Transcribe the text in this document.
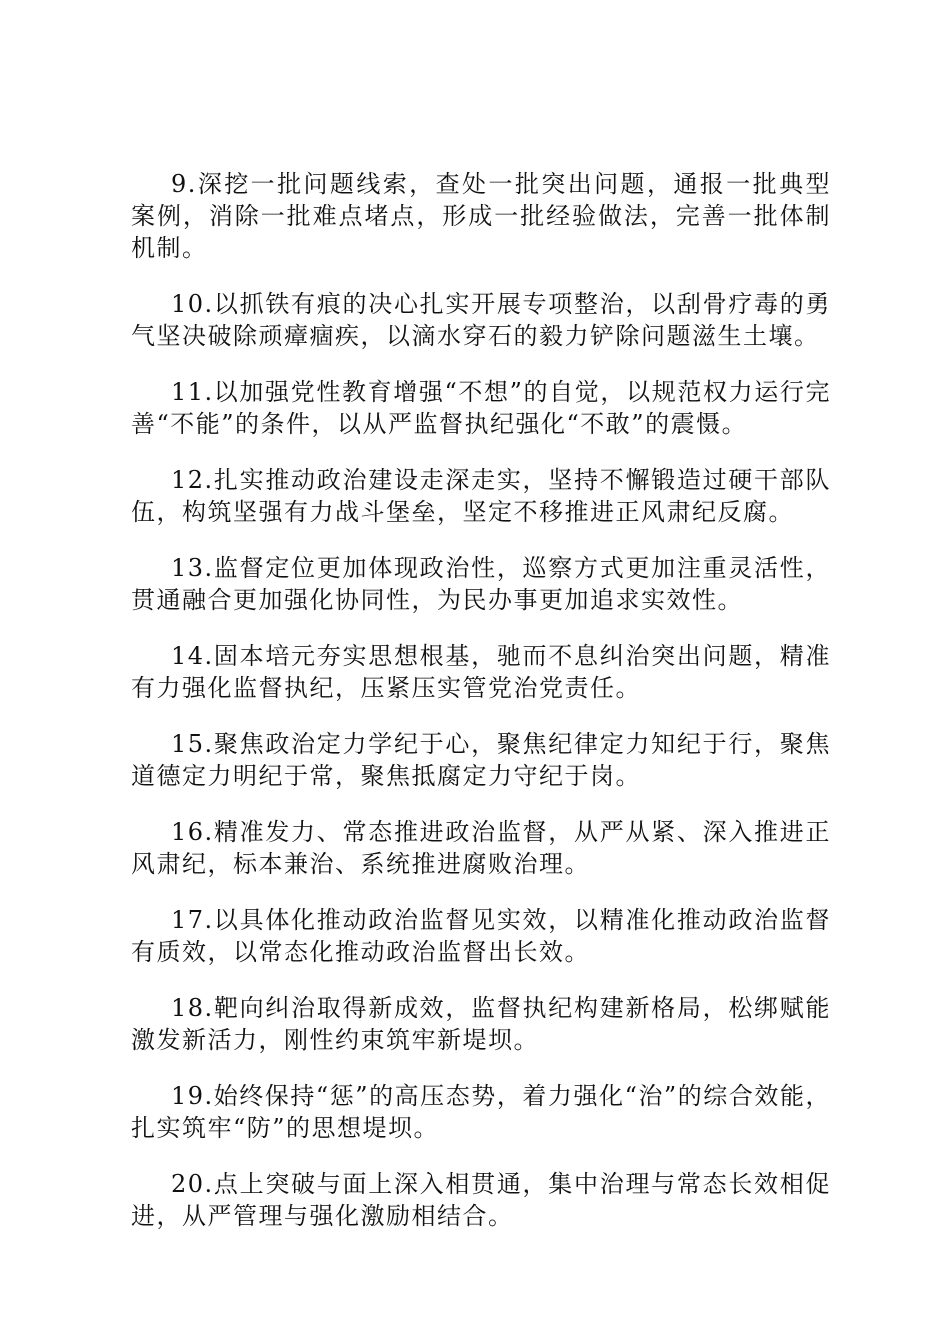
9.深挖一批问题线索，查处一批突出问题，通报一批典型案例，消除一批难点堵点，形成一批经验做法，完善一批体制机制。

10.以抓铁有痕的决心扎实开展专项整治，以刮骨疗毒的勇气坚决破除顽瘴痼疾，以滴水穿石的毅力铲除问题滋生土壤。

11.以加强党性教育增强“不想”的自觉，以规范权力运行完善“不能”的条件，以从严监督执纪强化“不敢”的震慑。

12.扎实推动政治建设走深走实，坚持不懈锻造过硬干部队伍，构筑坚强有力战斗堡垒，坚定不移推进正风肃纪反腐。

13.监督定位更加体现政治性，巡察方式更加注重灵活性，贯通融合更加强化协同性，为民办事更加追求实效性。

14.固本培元夯实思想根基，驰而不息纠治突出问题，精准有力强化监督执纪，压紧压实管党治党责任。

15.聚焦政治定力学纪于心，聚焦纪律定力知纪于行，聚焦道德定力明纪于常，聚焦抵腐定力守纪于岗。

16.精准发力、常态推进政治监督，从严从紧、深入推进正风肃纪，标本兼治、系统推进腐败治理。

17.以具体化推动政治监督见实效，以精准化推动政治监督有质效，以常态化推动政治监督出长效。

18.靶向纠治取得新成效，监督执纪构建新格局，松绑赋能激发新活力，刚性约束筑牢新堤坝。

19.始终保持“惩”的高压态势，着力强化“治”的综合效能，扎实筑牢“防”的思想堤坝。

20.点上突破与面上深入相贯通，集中治理与常态长效相促进，从严管理与强化激励相结合。
